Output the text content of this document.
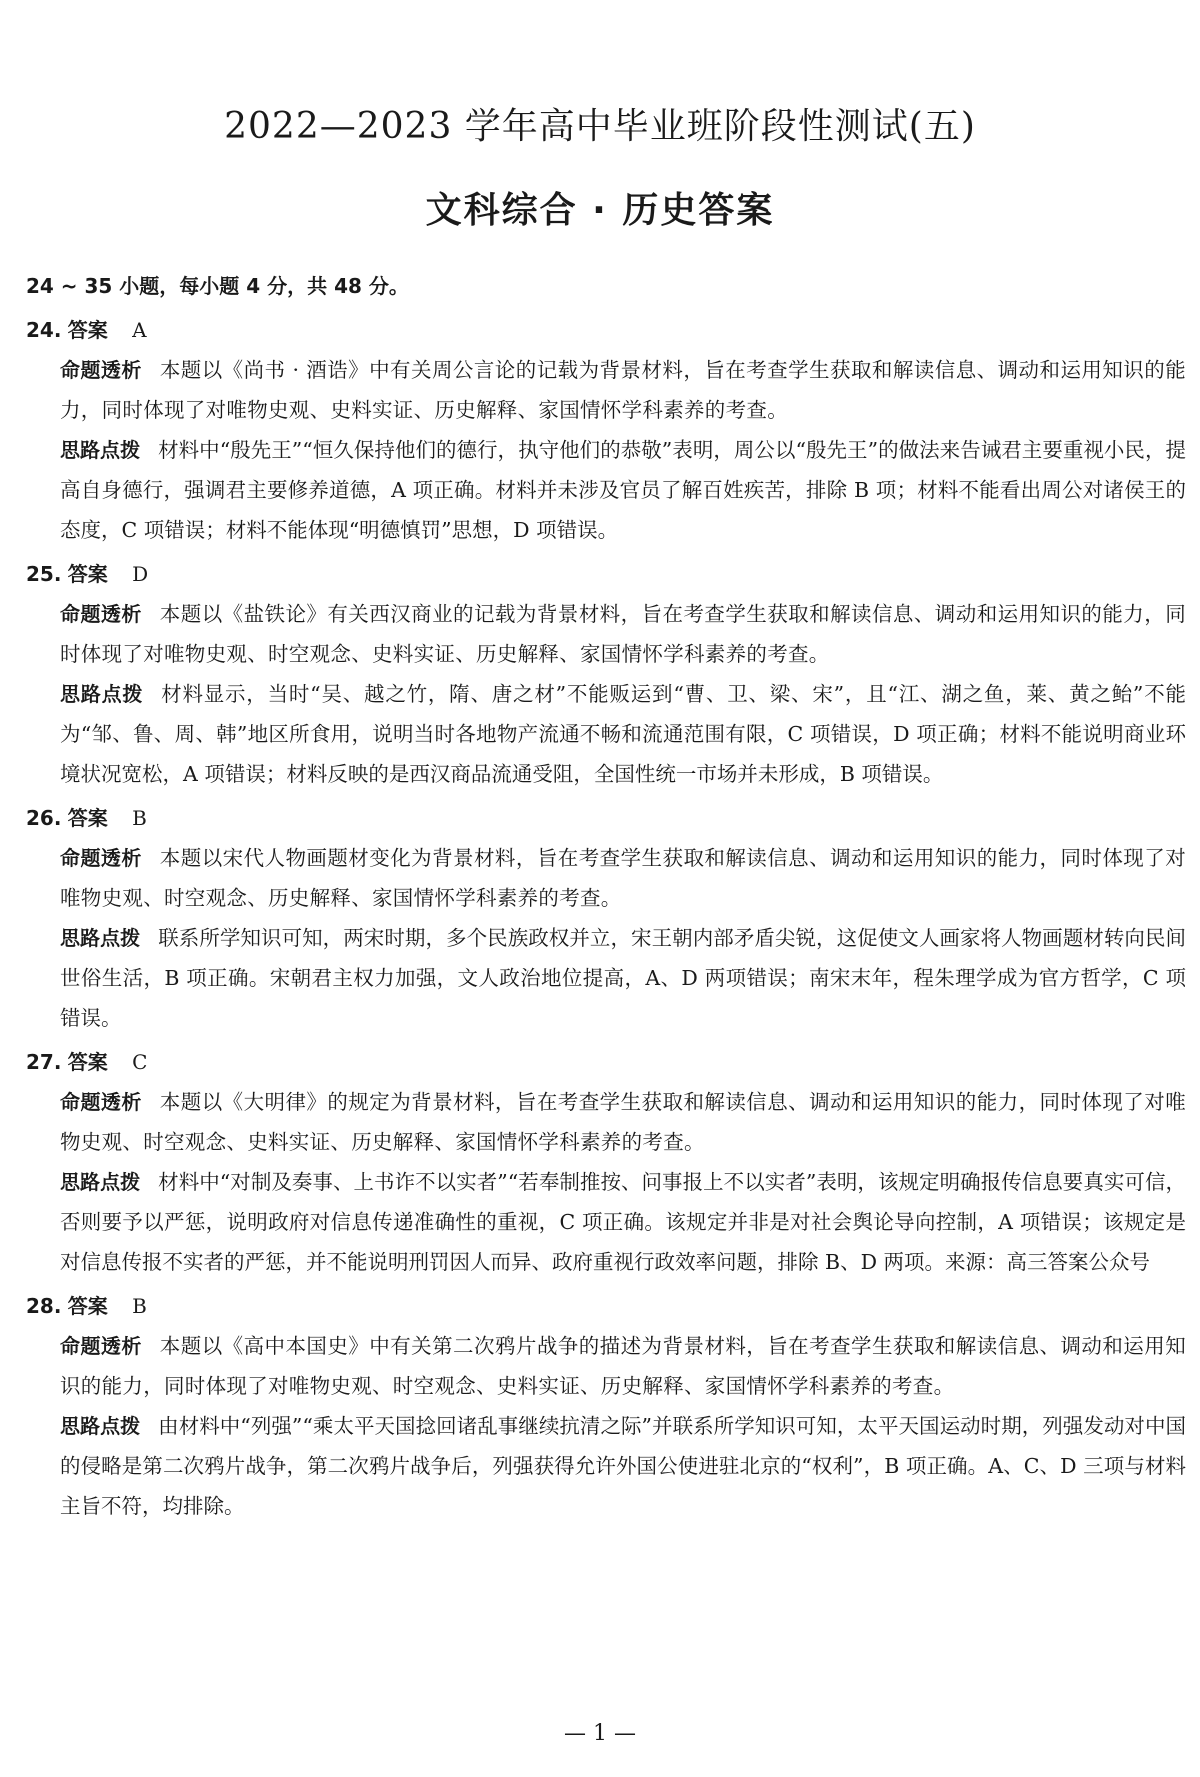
2022—2023 学年高中毕业班阶段性测试(五)
文科综合 · 历史答案
24 ~ 35 小题，每小题 4 分，共 48 分。
24. 答案 A
命题透析 本题以《尚书 · 酒诰》中有关周公言论的记载为背景材料，旨在考查学生获取和解读信息、调动和运用知识的能力，同时体现了对唯物史观、史料实证、历史解释、家国情怀学科素养的考查。
思路点拨 材料中“殷先王”“恒久保持他们的德行，执守他们的恭敬”表明，周公以“殷先王”的做法来告诫君主要重视小民，提高自身德行，强调君主要修养道德，A 项正确。材料并未涉及官员了解百姓疾苦，排除 B 项；材料不能看出周公对诸侯王的态度，C 项错误；材料不能体现“明德慎罚”思想，D 项错误。
25. 答案 D
命题透析 本题以《盐铁论》有关西汉商业的记载为背景材料，旨在考查学生获取和解读信息、调动和运用知识的能力，同时体现了对唯物史观、时空观念、史料实证、历史解释、家国情怀学科素养的考查。
思路点拨 材料显示，当时“吴、越之竹，隋、唐之材”不能贩运到“曹、卫、梁、宋”，且“江、湖之鱼，莱、黄之鲐”不能为“邹、鲁、周、韩”地区所食用，说明当时各地物产流通不畅和流通范围有限，C 项错误，D 项正确；材料不能说明商业环境状况宽松，A 项错误；材料反映的是西汉商品流通受阻，全国性统一市场并未形成，B 项错误。
26. 答案 B
命题透析 本题以宋代人物画题材变化为背景材料，旨在考查学生获取和解读信息、调动和运用知识的能力，同时体现了对唯物史观、时空观念、历史解释、家国情怀学科素养的考查。
思路点拨 联系所学知识可知，两宋时期，多个民族政权并立，宋王朝内部矛盾尖锐，这促使文人画家将人物画题材转向民间世俗生活，B 项正确。宋朝君主权力加强，文人政治地位提高，A、D 两项错误；南宋末年，程朱理学成为官方哲学，C 项错误。
27. 答案 C
命题透析 本题以《大明律》的规定为背景材料，旨在考查学生获取和解读信息、调动和运用知识的能力，同时体现了对唯物史观、时空观念、史料实证、历史解释、家国情怀学科素养的考查。
思路点拨 材料中“对制及奏事、上书诈不以实者”“若奉制推按、问事报上不以实者”表明，该规定明确报传信息要真实可信，否则要予以严惩，说明政府对信息传递准确性的重视，C 项正确。该规定并非是对社会舆论导向控制，A 项错误；该规定是对信息传报不实者的严惩，并不能说明刑罚因人而异、政府重视行政效率问题，排除 B、D 两项。来源：高三答案公众号
28. 答案 B
命题透析 本题以《高中本国史》中有关第二次鸦片战争的描述为背景材料，旨在考查学生获取和解读信息、调动和运用知识的能力，同时体现了对唯物史观、时空观念、史料实证、历史解释、家国情怀学科素养的考查。
思路点拨 由材料中“列强”“乘太平天国捻回诸乱事继续抗清之际”并联系所学知识可知，太平天国运动时期，列强发动对中国的侵略是第二次鸦片战争，第二次鸦片战争后，列强获得允许外国公使进驻北京的“权利”，B 项正确。A、C、D 三项与材料主旨不符，均排除。
— 1 —
